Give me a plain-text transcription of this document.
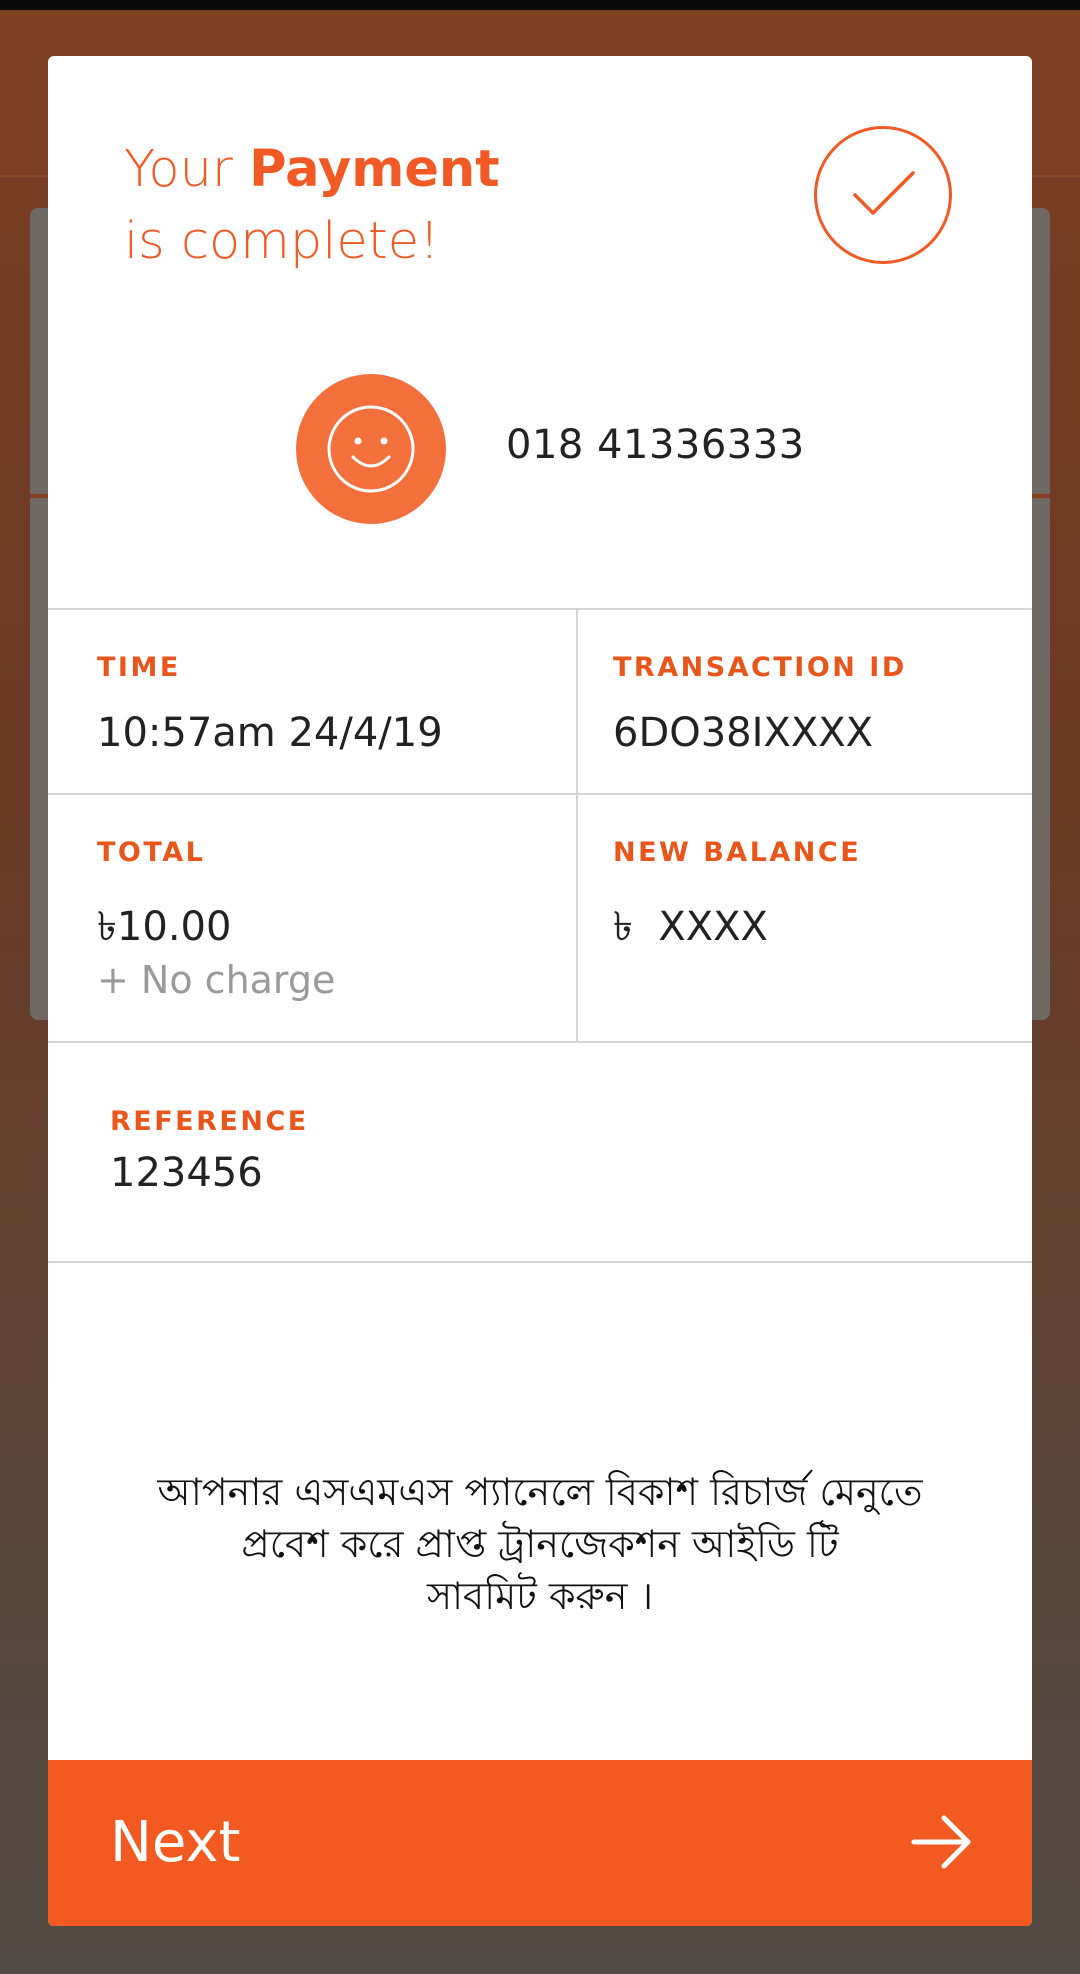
Your Payment
is complete!
018 41336333
TIME
10:57am 24/4/19
TRANSACTION ID
6DO38IXXXX
TOTAL
৳10.00
+ No charge
NEW BALANCE
৳  XXXX
REFERENCE
123456
আপনার এসএমএস প্যানেলে বিকাশ রিচার্জ মেনুতে
প্রবেশ করে প্রাপ্ত ট্রানজেকশন আইডি টি
সাবমিট করুন ।
Next
